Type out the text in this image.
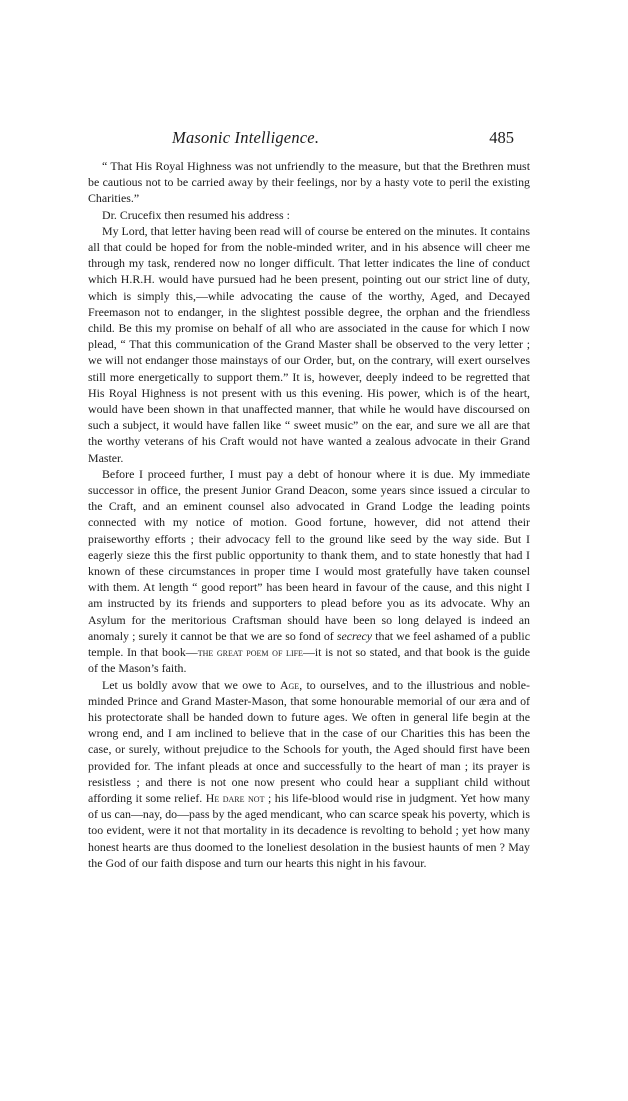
Masonic Intelligence.	485

“ That His Royal Highness was not unfriendly to the measure, but that the Brethren must be cautious not to be carried away by their feelings, nor by a hasty vote to peril the existing Charities.”

Dr. Crucefix then resumed his address :

My Lord, that letter having been read will of course be entered on the minutes. It contains all that could be hoped for from the noble-minded writer, and in his absence will cheer me through my task, rendered now no longer difficult. That letter indicates the line of conduct which H.R.H. would have pursued had he been present, pointing out our strict line of duty, which is simply this,—while advocating the cause of the worthy, Aged, and Decayed Freemason not to endanger, in the slightest possible degree, the orphan and the friendless child. Be this my promise on behalf of all who are associated in the cause for which I now plead, “ That this communication of the Grand Master shall be observed to the very letter ; we will not endanger those mainstays of our Order, but, on the contrary, will exert ourselves still more energetically to support them.” It is, however, deeply indeed to be regretted that His Royal Highness is not present with us this evening. His power, which is of the heart, would have been shown in that unaffected manner, that while he would have discoursed on such a subject, it would have fallen like “ sweet music” on the ear, and sure we all are that the worthy veterans of his Craft would not have wanted a zealous advocate in their Grand Master.

Before I proceed further, I must pay a debt of honour where it is due. My immediate successor in office, the present Junior Grand Deacon, some years since issued a circular to the Craft, and an eminent counsel also advocated in Grand Lodge the leading points connected with my notice of motion. Good fortune, however, did not attend their praiseworthy efforts ; their advocacy fell to the ground like seed by the way side. But I eagerly sieze this the first public opportunity to thank them, and to state honestly that had I known of these circumstances in proper time I would most gratefully have taken counsel with them. At length “ good report” has been heard in favour of the cause, and this night I am instructed by its friends and supporters to plead before you as its advocate. Why an Asylum for the meritorious Craftsman should have been so long delayed is indeed an anomaly ; surely it cannot be that we are so fond of secrecy that we feel ashamed of a public temple. In that book—the great poem of life—it is not so stated, and that book is the guide of the Mason’s faith.

Let us boldly avow that we owe to Age, to ourselves, and to the illustrious and noble-minded Prince and Grand Master-Mason, that some honourable memorial of our æra and of his protectorate shall be handed down to future ages. We often in general life begin at the wrong end, and I am inclined to believe that in the case of our Charities this has been the case, or surely, without prejudice to the Schools for youth, the Aged should first have been provided for. The infant pleads at once and successfully to the heart of man ; its prayer is resistless ; and there is not one now present who could hear a suppliant child without affording it some relief. He dare not ; his life-blood would rise in judgment. Yet how many of us can—nay, do—pass by the aged mendicant, who can scarce speak his poverty, which is too evident, were it not that mortality in its decadence is revolting to behold ; yet how many honest hearts are thus doomed to the loneliest desolation in the busiest haunts of men ? May the God of our faith dispose and turn our hearts this night in his favour.
